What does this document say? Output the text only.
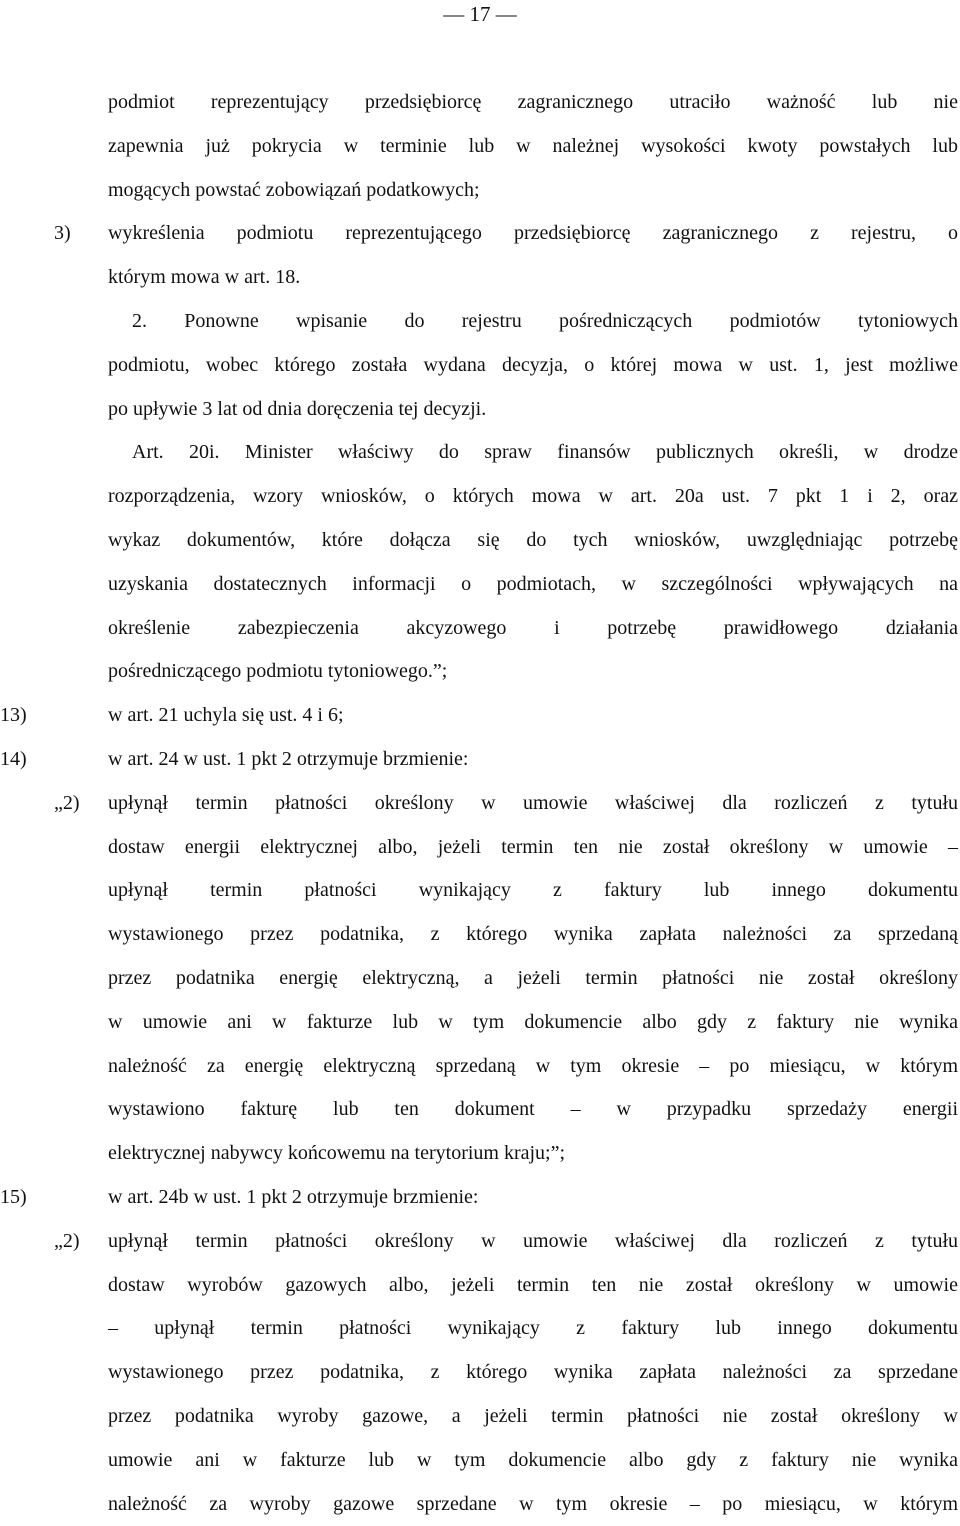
— 17 —

podmiot reprezentujący przedsiębiorcę zagranicznego utraciło ważność lub nie

zapewnia już pokrycia w terminie lub w należnej wysokości kwoty powstałych lub

mogących powstać zobowiązań podatkowych;

3) wykreślenia podmiotu reprezentującego przedsiębiorcę zagranicznego z rejestru, o

którym mowa w art. 18.

2. Ponowne wpisanie do rejestru pośredniczących podmiotów tytoniowych

podmiotu, wobec którego została wydana decyzja, o której mowa w ust. 1, jest możliwe

po upływie 3 lat od dnia doręczenia tej decyzji.

Art. 20i. Minister właściwy do spraw finansów publicznych określi, w drodze

rozporządzenia, wzory wniosków, o których mowa w art. 20a ust. 7 pkt 1 i 2, oraz

wykaz dokumentów, które dołącza się do tych wniosków, uwzględniając potrzebę

uzyskania dostatecznych informacji o podmiotach, w szczególności wpływających na

określenie zabezpieczenia akcyzowego i potrzebę prawidłowego działania

pośredniczącego podmiotu tytoniowego.”;

13)	w art. 21 uchyla się ust. 4 i 6;

14)	w art. 24 w ust. 1 pkt 2 otrzymuje brzmienie:

„2) upłynął termin płatności określony w umowie właściwej dla rozliczeń z tytułu

dostaw energii elektrycznej albo, jeżeli termin ten nie został określony w umowie –

upłynął termin płatności wynikający z faktury lub innego dokumentu

wystawionego przez podatnika, z którego wynika zapłata należności za sprzedaną

przez podatnika energię elektryczną, a jeżeli termin płatności nie został określony

w umowie ani w fakturze lub w tym dokumencie albo gdy z faktury nie wynika

należność za energię elektryczną sprzedaną w tym okresie – po miesiącu, w którym

wystawiono fakturę lub ten dokument – w przypadku sprzedaży energii

elektrycznej nabywcy końcowemu na terytorium kraju;”;

15)	w art. 24b w ust. 1 pkt 2 otrzymuje brzmienie:

„2) upłynął termin płatności określony w umowie właściwej dla rozliczeń z tytułu

dostaw wyrobów gazowych albo, jeżeli termin ten nie został określony w umowie

– upłynął termin płatności wynikający z faktury lub innego dokumentu

wystawionego przez podatnika, z którego wynika zapłata należności za sprzedane

przez podatnika wyroby gazowe, a jeżeli termin płatności nie został określony w

umowie ani w fakturze lub w tym dokumencie albo gdy z faktury nie wynika

należność za wyroby gazowe sprzedane w tym okresie – po miesiącu, w którym
